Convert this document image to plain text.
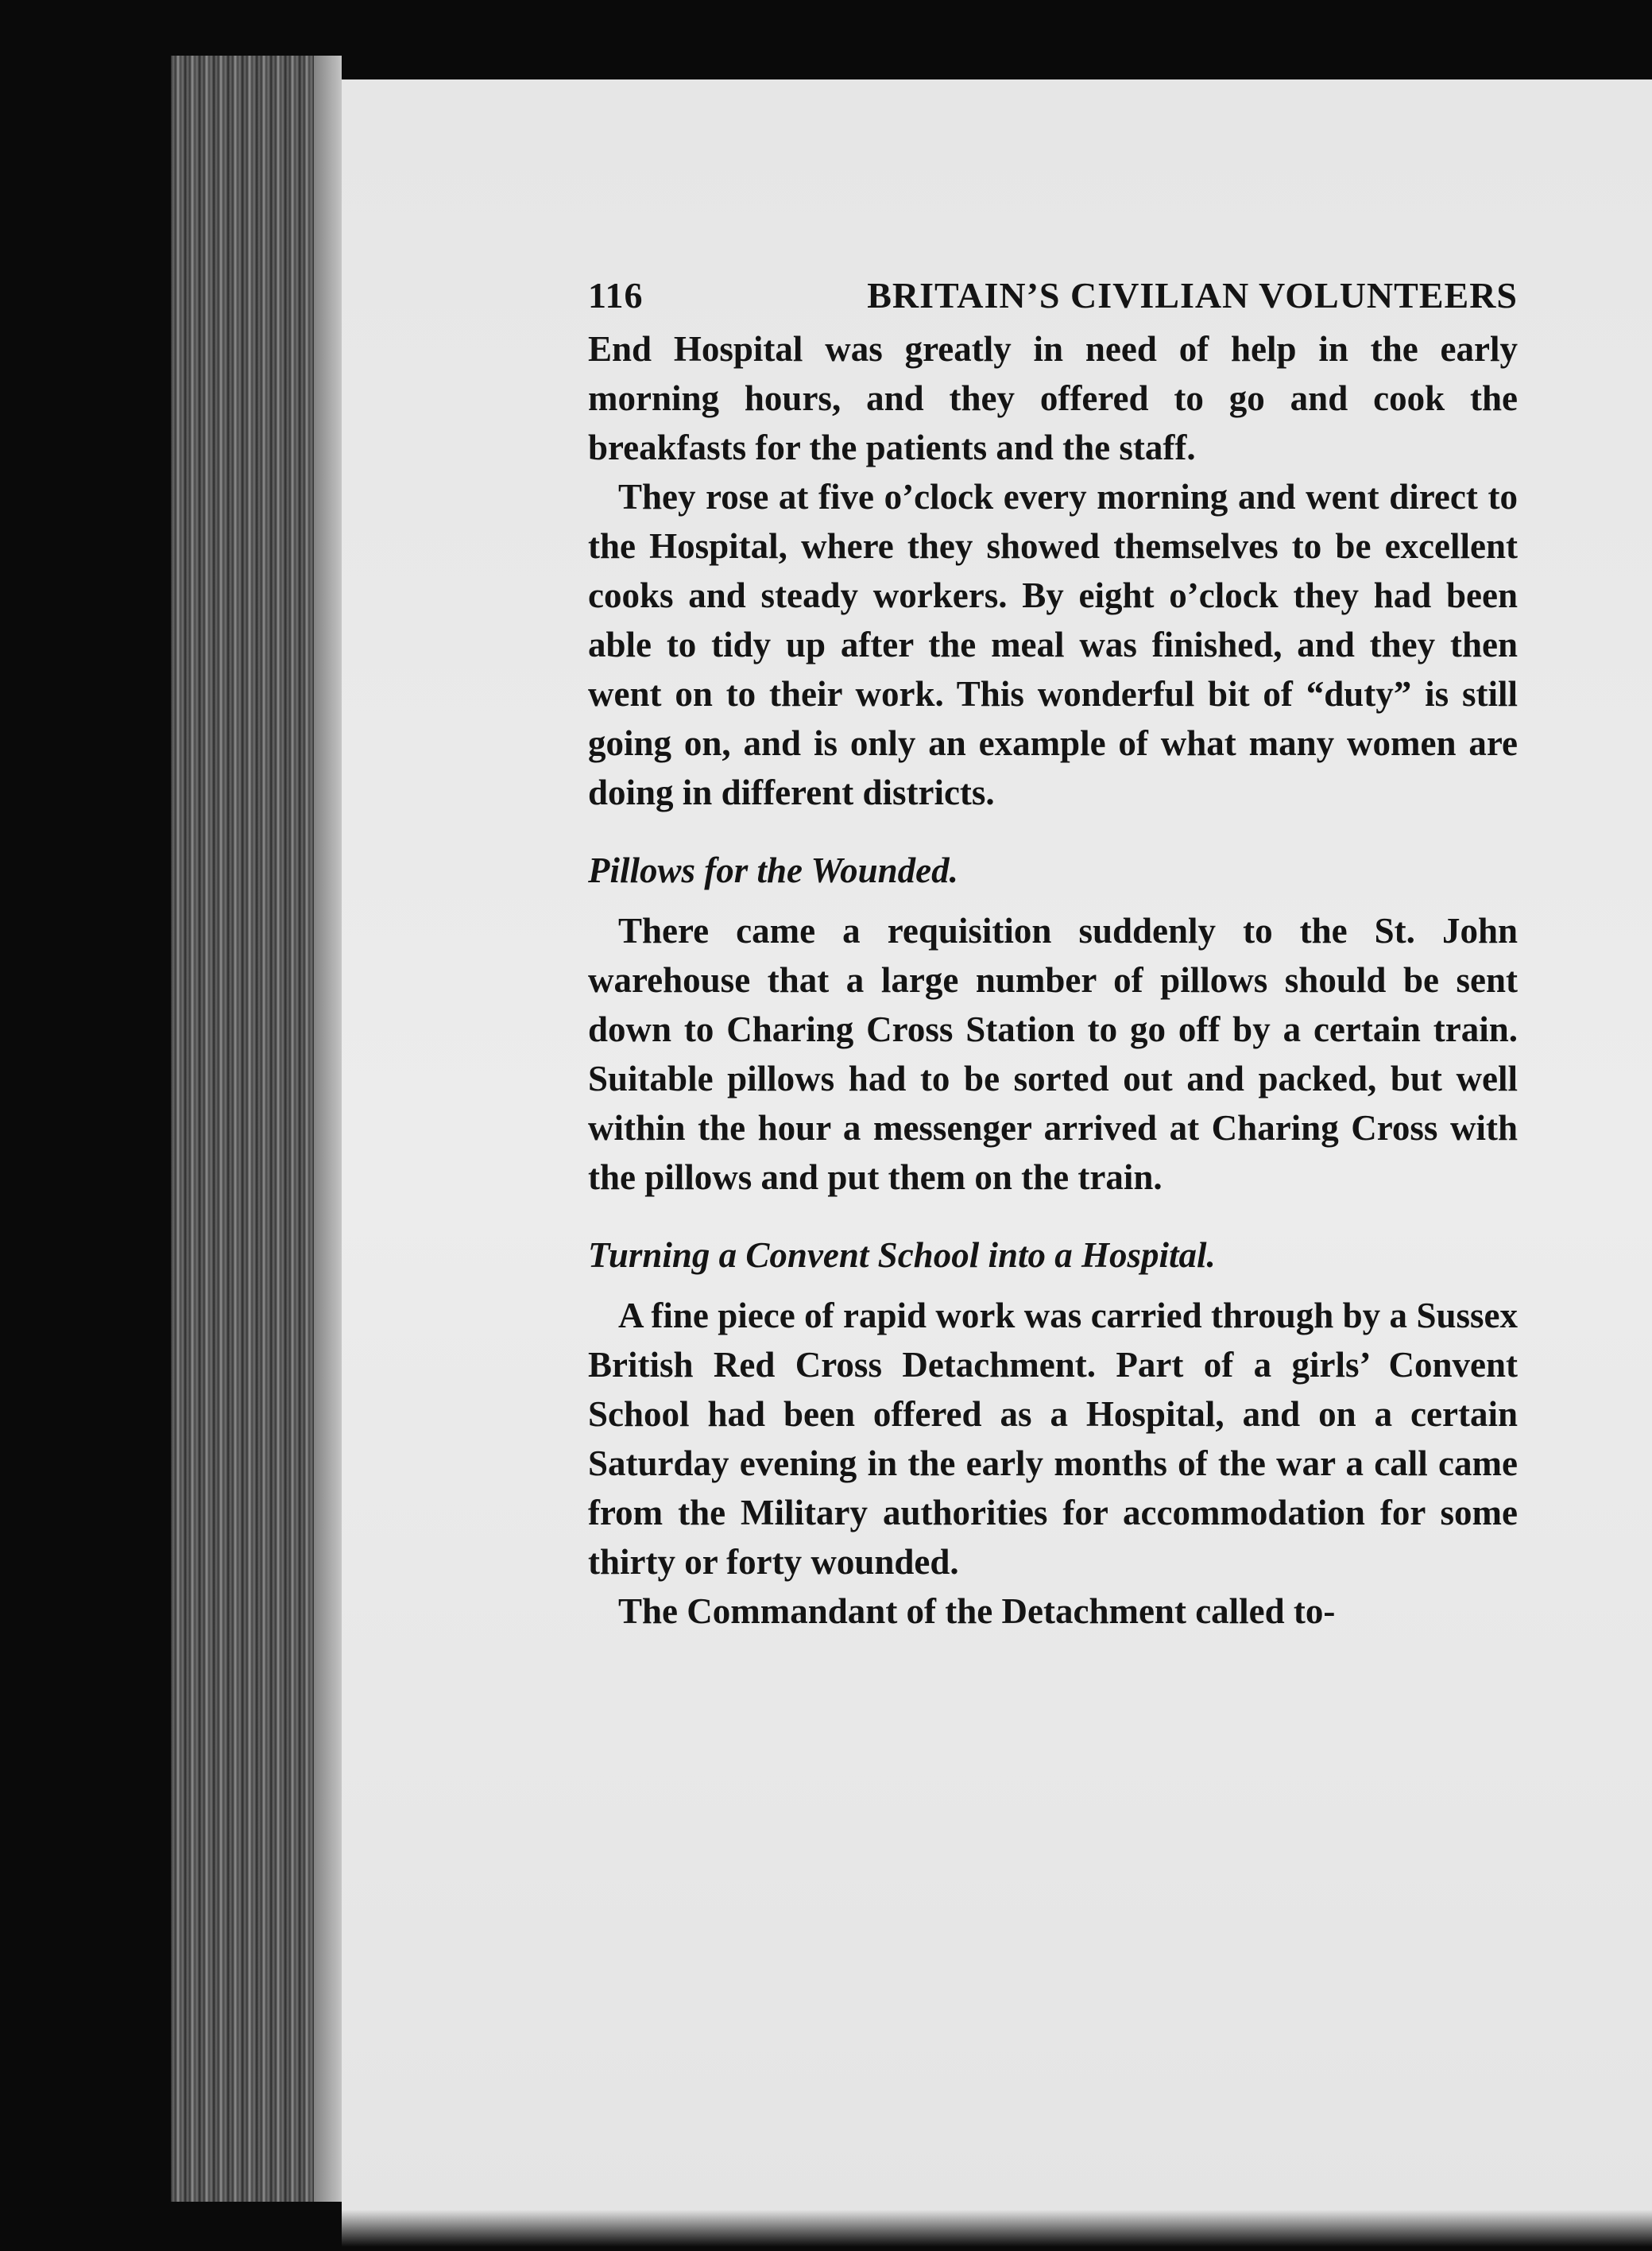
116	BRITAIN’S CIVILIAN VOLUNTEERS

End Hospital was greatly in need of help in the early morning hours, and they offered to go and cook the breakfasts for the patients and the staff.

They rose at five o’clock every morning and went direct to the Hospital, where they showed themselves to be excellent cooks and steady workers. By eight o’clock they had been able to tidy up after the meal was finished, and they then went on to their work. This wonderful bit of “duty” is still going on, and is only an example of what many women are doing in different districts.

Pillows for the Wounded.

There came a requisition suddenly to the St. John warehouse that a large number of pillows should be sent down to Charing Cross Station to go off by a certain train. Suitable pillows had to be sorted out and packed, but well within the hour a messenger arrived at Charing Cross with the pillows and put them on the train.

Turning a Convent School into a Hospital.

A fine piece of rapid work was carried through by a Sussex British Red Cross Detachment. Part of a girls’ Convent School had been offered as a Hospital, and on a certain Saturday evening in the early months of the war a call came from the Military authorities for accommodation for some thirty or forty wounded.

The Commandant of the Detachment called to-
